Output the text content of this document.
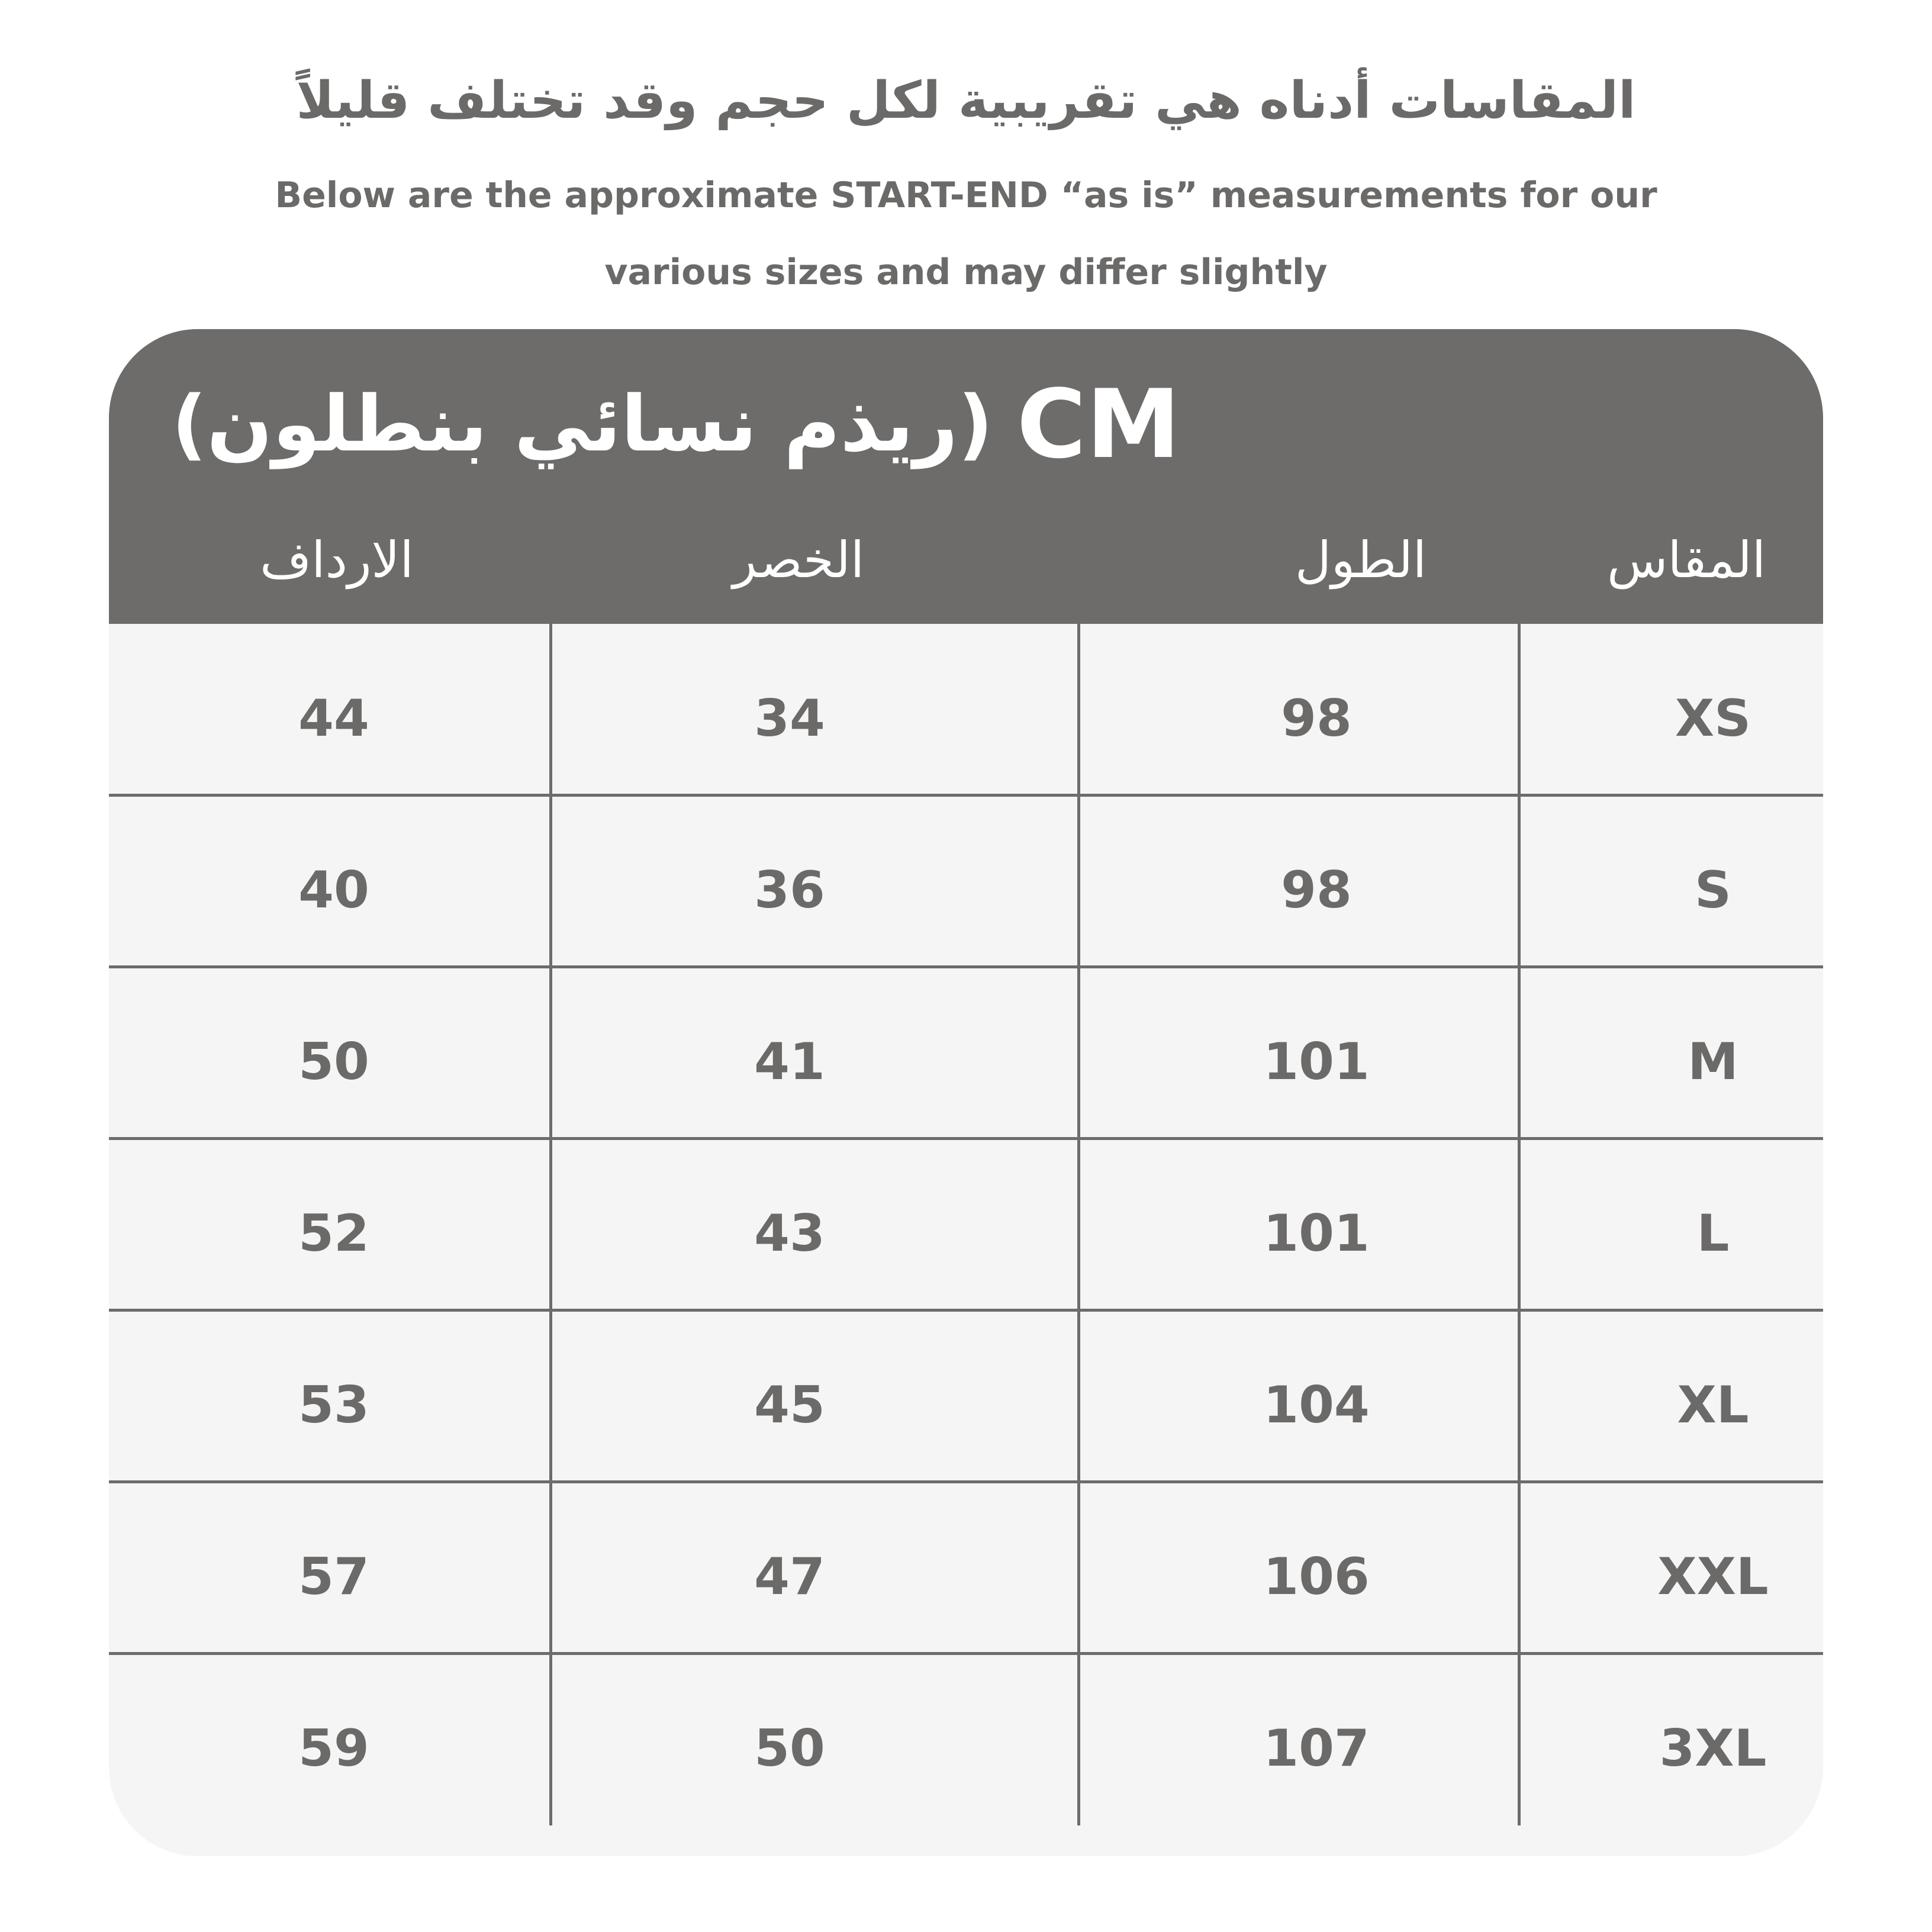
المقاسات أدناه هي تقريبية لكل حجم وقد تختلف قليلاً
Below are the approximate START-END “as is” measurements for our
various sizes and may differ slightly
(ريذم نسائي بنطلون) CM
الارداف	الخصر	الطول	المقاس
44	34	98	XS
40	36	98	S
50	41	101	M
52	43	101	L
53	45	104	XL
57	47	106	XXL
59	50	107	3XL
